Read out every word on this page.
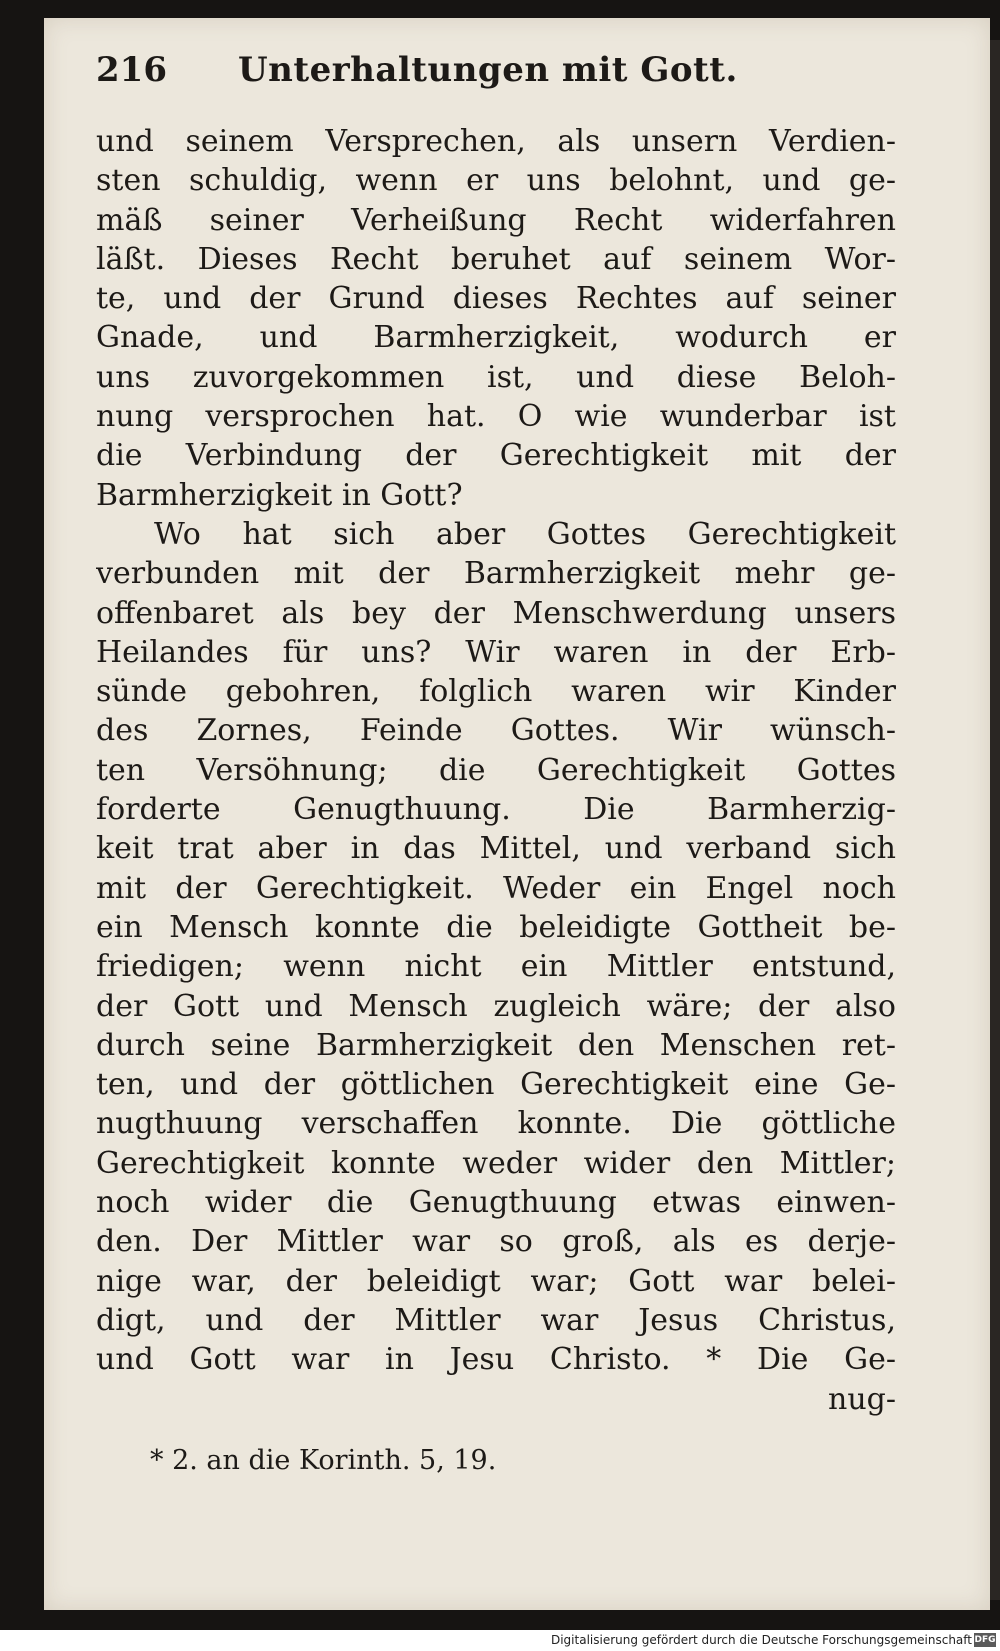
216 Unterhaltungen mit Gott.
und seinem Versprechen, als unsern Verdien-
sten schuldig, wenn er uns belohnt, und ge-
mäß seiner Verheißung Recht widerfahren
läßt. Dieses Recht beruhet auf seinem Wor-
te, und der Grund dieses Rechtes auf seiner
Gnade, und Barmherzigkeit, wodurch er
uns zuvorgekommen ist, und diese Beloh-
nung versprochen hat. O wie wunderbar ist
die Verbindung der Gerechtigkeit mit der
Barmherzigkeit in Gott?
Wo hat sich aber Gottes Gerechtigkeit
verbunden mit der Barmherzigkeit mehr ge-
offenbaret als bey der Menschwerdung unsers
Heilandes für uns? Wir waren in der Erb-
sünde gebohren, folglich waren wir Kinder
des Zornes, Feinde Gottes. Wir wünsch-
ten Versöhnung; die Gerechtigkeit Gottes
forderte Genugthuung. Die Barmherzig-
keit trat aber in das Mittel, und verband sich
mit der Gerechtigkeit. Weder ein Engel noch
ein Mensch konnte die beleidigte Gottheit be-
friedigen; wenn nicht ein Mittler entstund,
der Gott und Mensch zugleich wäre; der also
durch seine Barmherzigkeit den Menschen ret-
ten, und der göttlichen Gerechtigkeit eine Ge-
nugthuung verschaffen konnte. Die göttliche
Gerechtigkeit konnte weder wider den Mittler;
noch wider die Genugthuung etwas einwen-
den. Der Mittler war so groß, als es derje-
nige war, der beleidigt war; Gott war belei-
digt, und der Mittler war Jesus Christus,
und Gott war in Jesu Christo. * Die Ge-
nug-
* 2. an die Korinth. 5, 19.
Digitalisierung gefördert durch die Deutsche Forschungsgemeinschaft DFG
